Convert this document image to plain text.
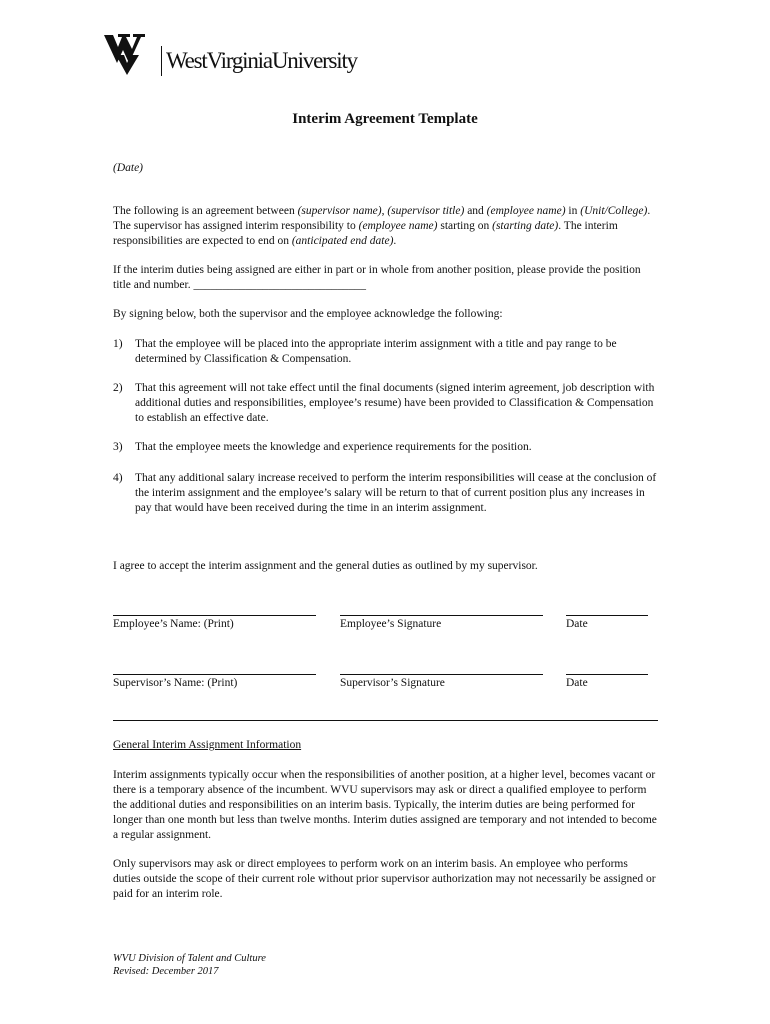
WestVirginiaUniversity
Interim Agreement Template
(Date)
The following is an agreement between (supervisor name), (supervisor title) and (employee name) in (Unit/College). The supervisor has assigned interim responsibility to (employee name) starting on (starting date). The interim responsibilities are expected to end on (anticipated end date).
If the interim duties being assigned are either in part or in whole from another position, please provide the position title and number. ______________________________
By signing below, both the supervisor and the employee acknowledge the following:
1) That the employee will be placed into the appropriate interim assignment with a title and pay range to be determined by Classification & Compensation.
2) That this agreement will not take effect until the final documents (signed interim agreement, job description with additional duties and responsibilities, employee’s resume) have been provided to Classification & Compensation to establish an effective date.
3) That the employee meets the knowledge and experience requirements for the position.
4) That any additional salary increase received to perform the interim responsibilities will cease at the conclusion of the interim assignment and the employee’s salary will be return to that of current position plus any increases in pay that would have been received during the time in an interim assignment.
I agree to accept the interim assignment and the general duties as outlined by my supervisor.
Employee’s Name: (Print)	Employee’s Signature	Date
Supervisor’s Name: (Print)	Supervisor’s Signature	Date
General Interim Assignment Information
Interim assignments typically occur when the responsibilities of another position, at a higher level, becomes vacant or there is a temporary absence of the incumbent. WVU supervisors may ask or direct a qualified employee to perform the additional duties and responsibilities on an interim basis. Typically, the interim duties are being performed for longer than one month but less than twelve months. Interim duties assigned are temporary and not intended to become a regular assignment.
Only supervisors may ask or direct employees to perform work on an interim basis. An employee who performs duties outside the scope of their current role without prior supervisor authorization may not necessarily be assigned or paid for an interim role.
WVU Division of Talent and Culture
Revised: December 2017
